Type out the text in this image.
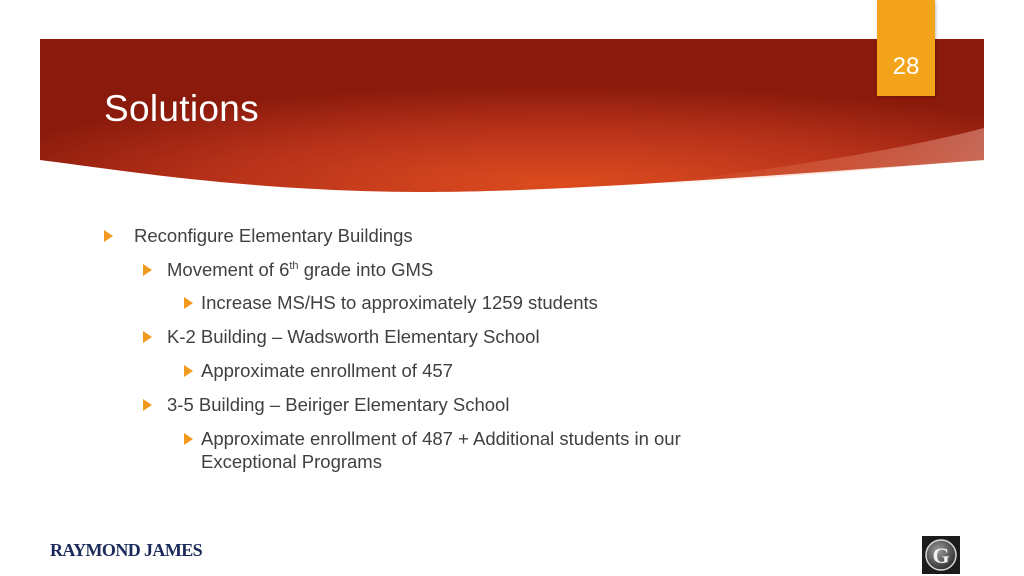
28
Solutions
Reconfigure Elementary Buildings
Movement of 6th grade into GMS
Increase MS/HS to approximately 1259 students
K-2 Building – Wadsworth Elementary School
Approximate enrollment of 457
3-5 Building – Beiriger Elementary School
Approximate enrollment of 487 + Additional students in our
Exceptional Programs
RAYMOND JAMES	G
